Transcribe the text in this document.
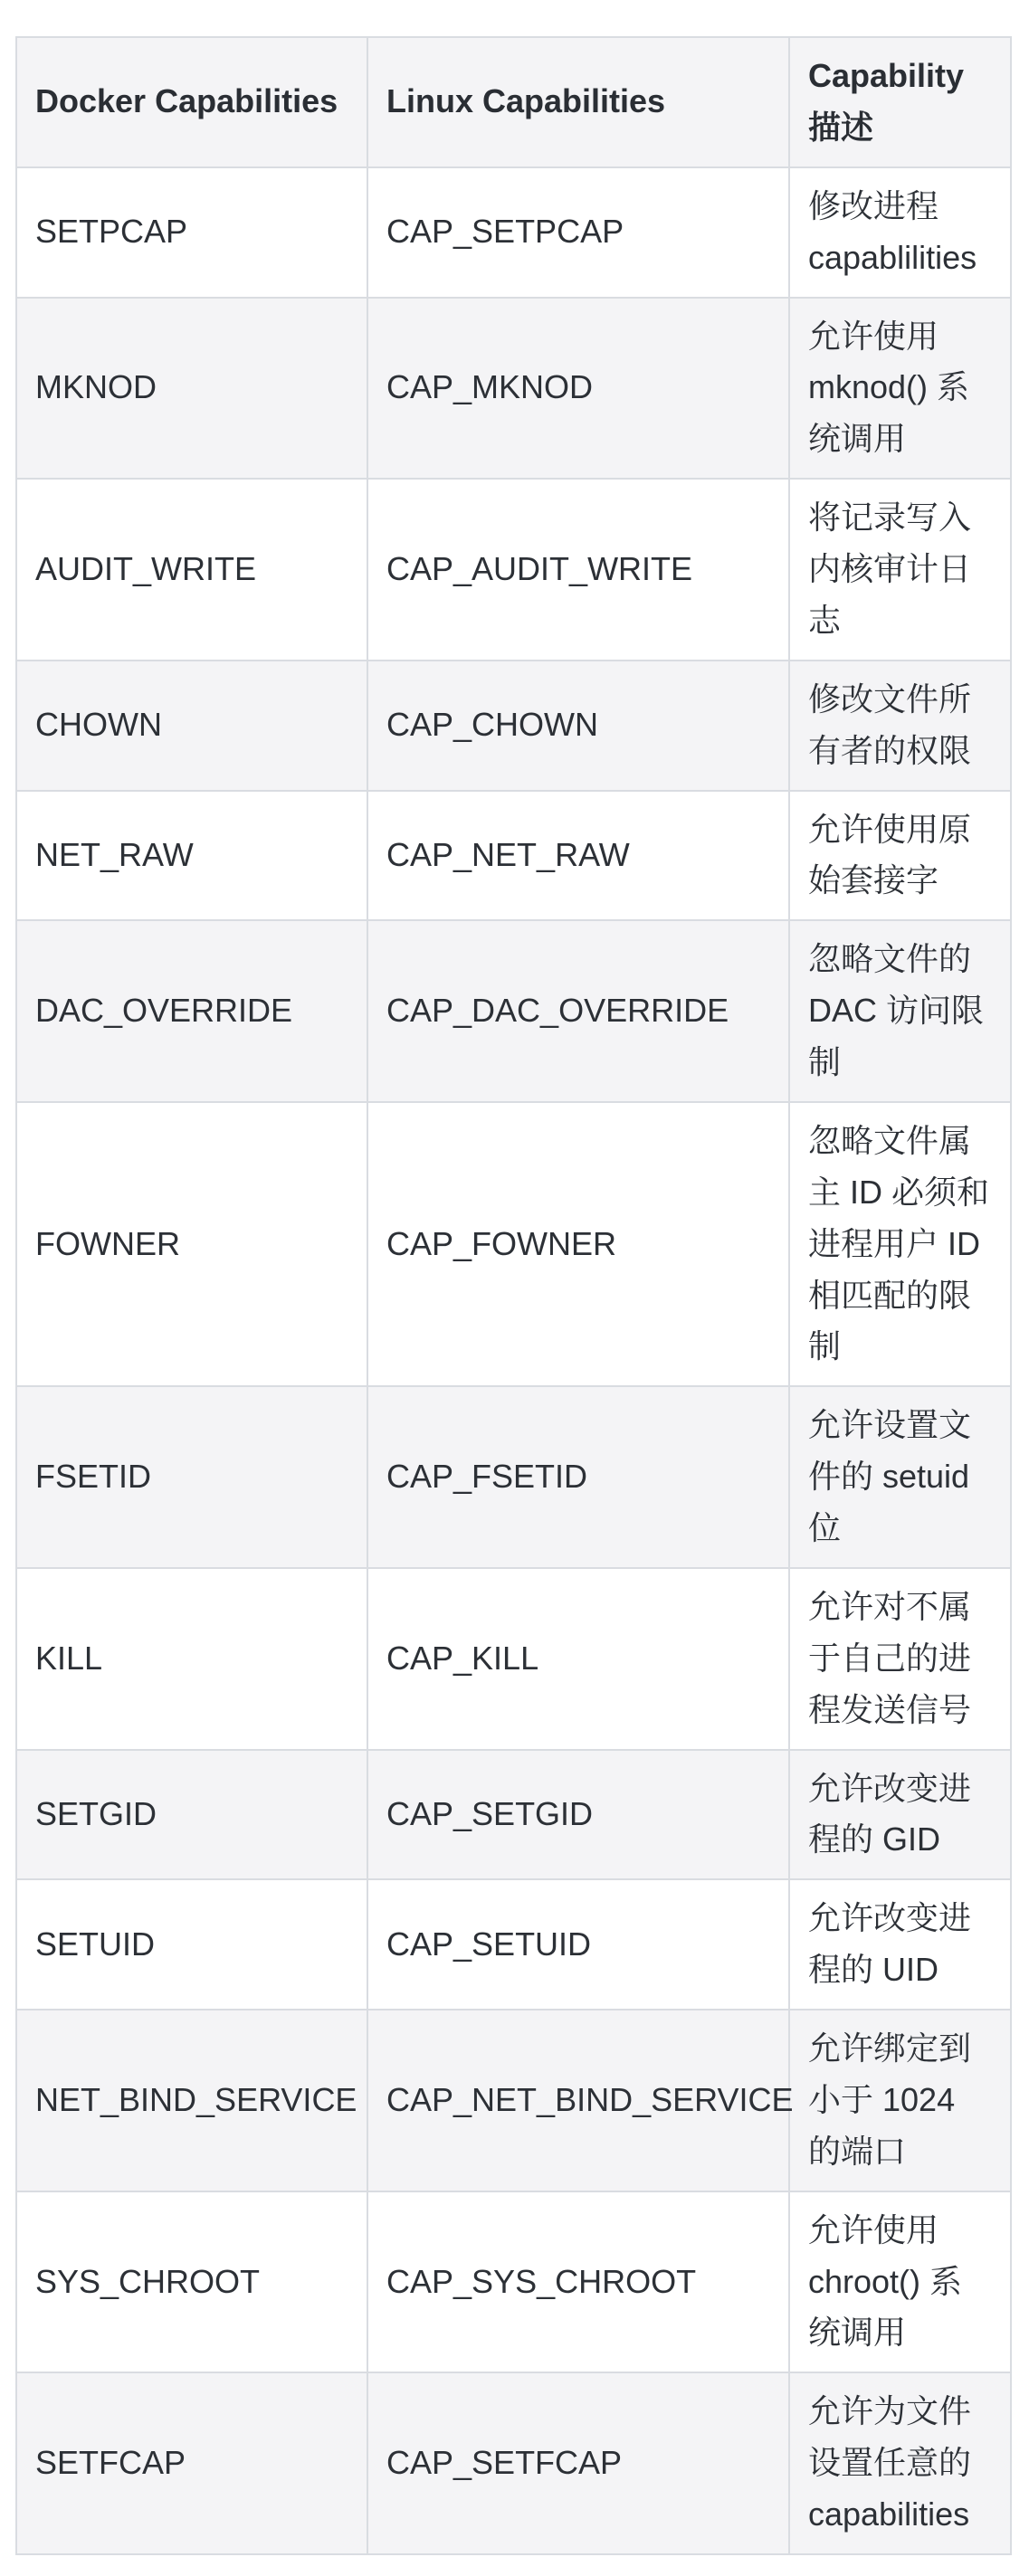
Docker Capabilities	Linux Capabilities	Capability 描述
SETPCAP	CAP_SETPCAP	修改进程 capablilities
MKNOD	CAP_MKNOD	允许使用 mknod() 系统调用
AUDIT_WRITE	CAP_AUDIT_WRITE	将记录写入内核审计日志
CHOWN	CAP_CHOWN	修改文件所有者的权限
NET_RAW	CAP_NET_RAW	允许使用原始套接字
DAC_OVERRIDE	CAP_DAC_OVERRIDE	忽略文件的 DAC 访问限制
FOWNER	CAP_FOWNER	忽略文件属主 ID 必须和进程用户 ID 相匹配的限制
FSETID	CAP_FSETID	允许设置文件的 setuid 位
KILL	CAP_KILL	允许对不属于自己的进程发送信号
SETGID	CAP_SETGID	允许改变进程的 GID
SETUID	CAP_SETUID	允许改变进程的 UID
NET_BIND_SERVICE	CAP_NET_BIND_SERVICE	允许绑定到小于 1024 的端口
SYS_CHROOT	CAP_SYS_CHROOT	允许使用 chroot() 系统调用
SETFCAP	CAP_SETFCAP	允许为文件设置任意的 capabilities
